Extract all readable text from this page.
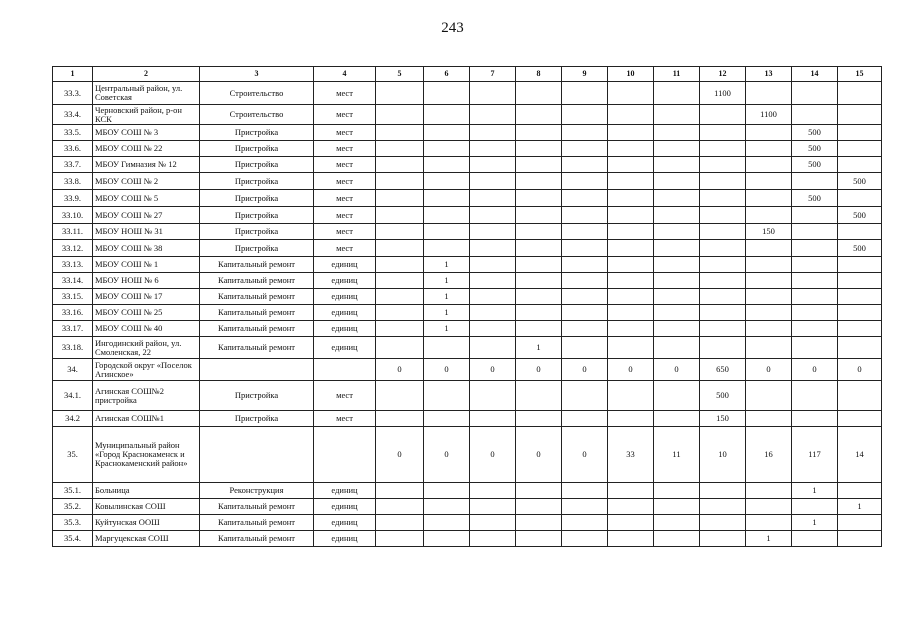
243
1	2	3	4	5	6	7	8	9	10	11	12	13	14	15
33.3.	Центральный район, ул. Советская	Строительство	мест								1100			
33.4.	Черновский район, р-он КСК	Строительство	мест									1100		
33.5.	МБОУ СОШ № 3	Пристройка	мест										500	
33.6.	МБОУ СОШ № 22	Пристройка	мест										500	
33.7.	МБОУ Гимназия № 12	Пристройка	мест										500	
33.8.	МБОУ СОШ № 2	Пристройка	мест											500
33.9.	МБОУ СОШ № 5	Пристройка	мест										500	
33.10.	МБОУ СОШ № 27	Пристройка	мест											500
33.11.	МБОУ НОШ № 31	Пристройка	мест									150		
33.12.	МБОУ СОШ № 38	Пристройка	мест											500
33.13.	МБОУ СОШ № 1	Капитальный ремонт	единиц		1									
33.14.	МБОУ НОШ № 6	Капитальный ремонт	единиц		1									
33.15.	МБОУ СОШ № 17	Капитальный ремонт	единиц		1									
33.16.	МБОУ СОШ № 25	Капитальный ремонт	единиц		1									
33.17.	МБОУ СОШ № 40	Капитальный ремонт	единиц		1									
33.18.	Ингодинский район, ул. Смоленская, 22	Капитальный ремонт	единиц				1							
34.	Городской округ «Поселок Агинское»			0	0	0	0	0	0	0	650	0	0	0
34.1.	Агинская СОШ№2 пристройка	Пристройка	мест								500			
34.2	Агинская СОШ№1	Пристройка	мест								150			
35.	Муниципальный район «Город Краснокаменск и Краснокаменский район»			0	0	0	0	0	33	11	10	16	117	14
35.1.	Больница	Реконструкция	единиц										1	
35.2.	Ковылинская СОШ	Капитальный ремонт	единиц											1
35.3.	Куйтунская ООШ	Капитальный ремонт	единиц										1	
35.4.	Маргуцекская СОШ	Капитальный ремонт	единиц									1		
